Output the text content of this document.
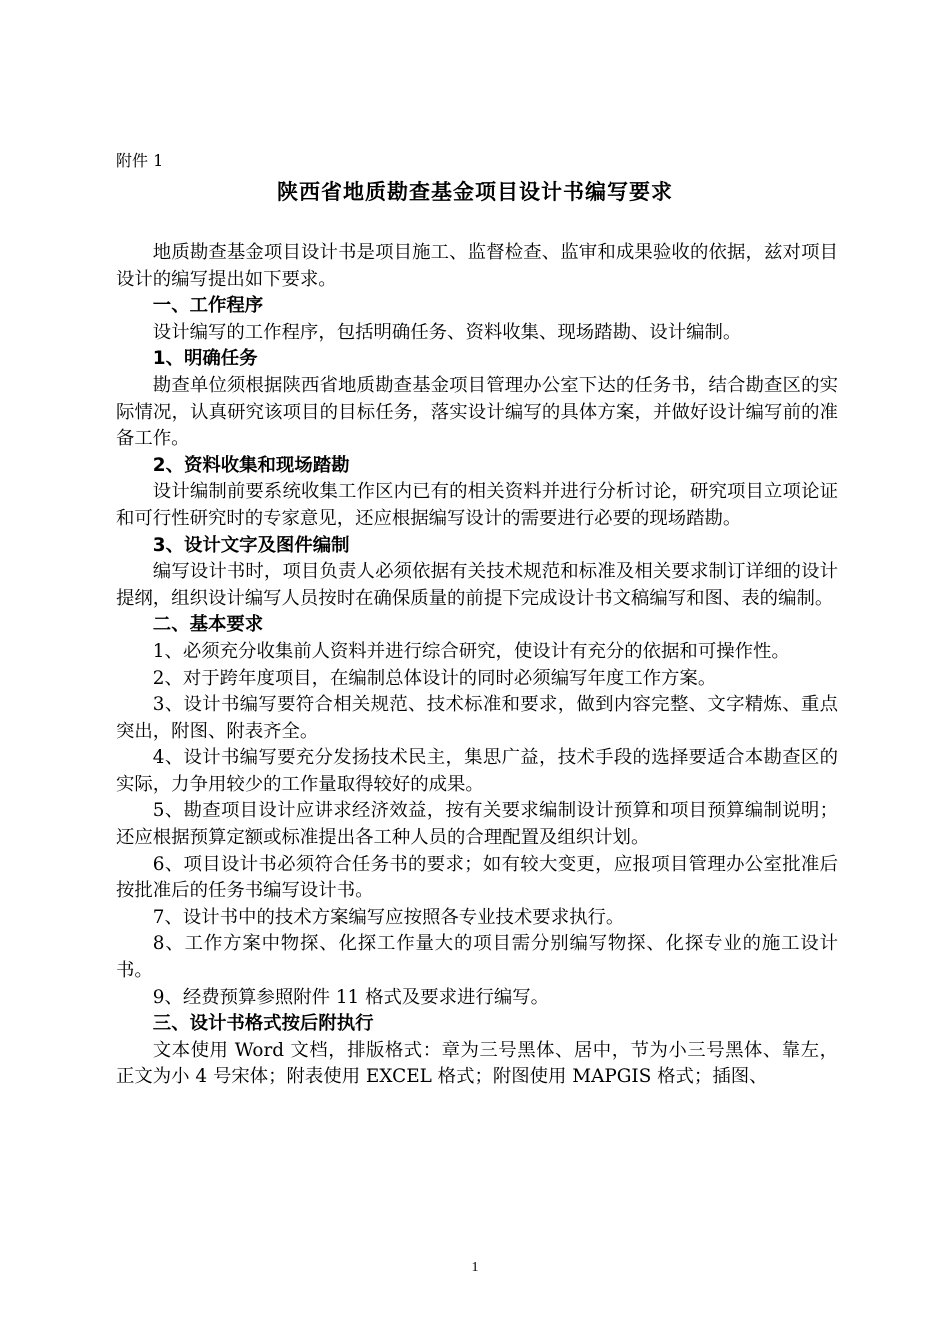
附件 1
陕西省地质勘查基金项目设计书编写要求

地质勘查基金项目设计书是项目施工、监督检查、监审和成果验收的依据，兹对项目设计的编写提出如下要求。

一、工作程序

设计编写的工作程序，包括明确任务、资料收集、现场踏勘、设计编制。

1、明确任务

勘查单位须根据陕西省地质勘查基金项目管理办公室下达的任务书，结合勘查区的实际情况，认真研究该项目的目标任务，落实设计编写的具体方案，并做好设计编写前的准备工作。

2、资料收集和现场踏勘

设计编制前要系统收集工作区内已有的相关资料并进行分析讨论，研究项目立项论证和可行性研究时的专家意见，还应根据编写设计的需要进行必要的现场踏勘。

3、设计文字及图件编制

编写设计书时，项目负责人必须依据有关技术规范和标准及相关要求制订详细的设计提纲，组织设计编写人员按时在确保质量的前提下完成设计书文稿编写和图、表的编制。

二、基本要求

1、必须充分收集前人资料并进行综合研究，使设计有充分的依据和可操作性。

2、对于跨年度项目，在编制总体设计的同时必须编写年度工作方案。

3、设计书编写要符合相关规范、技术标准和要求，做到内容完整、文字精炼、重点突出，附图、附表齐全。

4、设计书编写要充分发扬技术民主，集思广益，技术手段的选择要适合本勘查区的实际，力争用较少的工作量取得较好的成果。

5、勘查项目设计应讲求经济效益，按有关要求编制设计预算和项目预算编制说明；还应根据预算定额或标准提出各工种人员的合理配置及组织计划。

6、项目设计书必须符合任务书的要求；如有较大变更，应报项目管理办公室批准后按批准后的任务书编写设计书。

7、设计书中的技术方案编写应按照各专业技术要求执行。

8、工作方案中物探、化探工作量大的项目需分别编写物探、化探专业的施工设计书。

9、经费预算参照附件 11 格式及要求进行编写。

三、设计书格式按后附执行

文本使用 Word 文档，排版格式：章为三号黑体、居中，节为小三号黑体、靠左，正文为小 4 号宋体；附表使用 EXCEL 格式；附图使用 MAPGIS 格式；插图、

1
